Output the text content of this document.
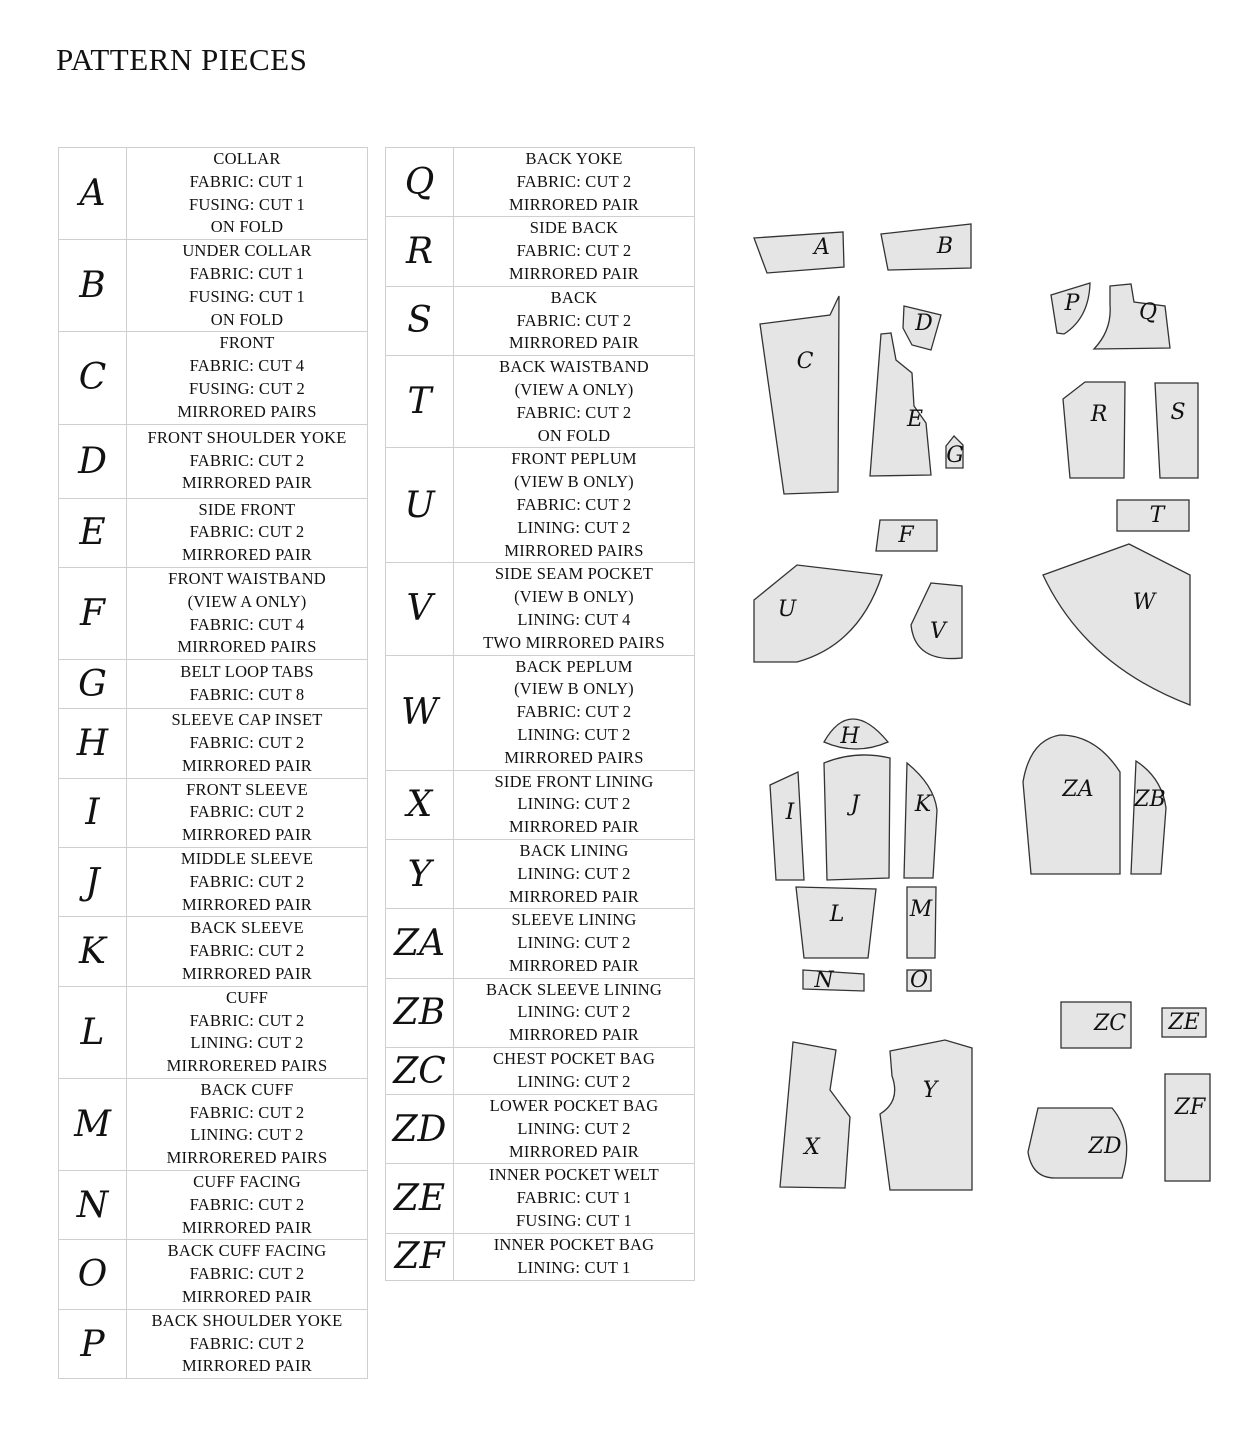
PATTERN PIECES
A	COLLAR
FABRIC: CUT 1
FUSING: CUT 1
ON FOLD

B	UNDER COLLAR
FABRIC: CUT 1
FUSING: CUT 1
ON FOLD

C	FRONT
FABRIC: CUT 4
FUSING: CUT 2
MIRRORED PAIRS

D	FRONT SHOULDER YOKE
FABRIC: CUT 2
MIRRORED PAIR

E	SIDE FRONT
FABRIC: CUT 2
MIRRORED PAIR

F	FRONT WAISTBAND
(VIEW A ONLY)
FABRIC: CUT 4
MIRRORED PAIRS

G	BELT LOOP TABS
FABRIC: CUT 8

H	SLEEVE CAP INSET
FABRIC: CUT 2
MIRRORED PAIR

I	FRONT SLEEVE
FABRIC: CUT 2
MIRRORED PAIR

J	MIDDLE SLEEVE
FABRIC: CUT 2
MIRRORED PAIR

K	BACK SLEEVE
FABRIC: CUT 2
MIRRORED PAIR

L	CUFF
FABRIC: CUT 2
LINING: CUT 2
MIRRORERED PAIRS

M	BACK CUFF
FABRIC: CUT 2
LINING: CUT 2
MIRRORERED PAIRS

N	CUFF FACING
FABRIC: CUT 2
MIRRORED PAIR

O	BACK CUFF FACING
FABRIC: CUT 2
MIRRORED PAIR

P	BACK SHOULDER YOKE
FABRIC: CUT 2
MIRRORED PAIR
Q	BACK YOKE
FABRIC: CUT 2
MIRRORED PAIR

R	SIDE BACK
FABRIC: CUT 2
MIRRORED PAIR

S	BACK
FABRIC: CUT 2
MIRRORED PAIR

T	BACK WAISTBAND
(VIEW A ONLY)
FABRIC: CUT 2
ON FOLD

U	FRONT PEPLUM
(VIEW B ONLY)
FABRIC: CUT 2
LINING: CUT 2
MIRRORED PAIRS

V	SIDE SEAM POCKET
(VIEW B ONLY)
LINING: CUT 4
TWO MIRRORED PAIRS

W	BACK PEPLUM
(VIEW B ONLY)
FABRIC: CUT 2
LINING: CUT 2
MIRRORED PAIRS

X	SIDE FRONT LINING
LINING: CUT 2
MIRRORED PAIR

Y	BACK LINING
LINING: CUT 2
MIRRORED PAIR

ZA	SLEEVE LINING
LINING: CUT 2
MIRRORED PAIR

ZB	BACK SLEEVE LINING
LINING: CUT 2
MIRRORED PAIR

ZC	CHEST POCKET BAG
LINING: CUT 2

ZD	LOWER POCKET BAG
LINING: CUT 2
MIRRORED PAIR

ZE	INNER POCKET WELT
FABRIC: CUT 1
FUSING: CUT 1

ZF	INNER POCKET BAG
LINING: CUT 1
A	B
C
D
E
G
F
P	Q
R	S
T
U
V
W
H
I	J	K
L	M
N	O
ZA ZB
ZC ZE
ZF
X
Y
ZD
